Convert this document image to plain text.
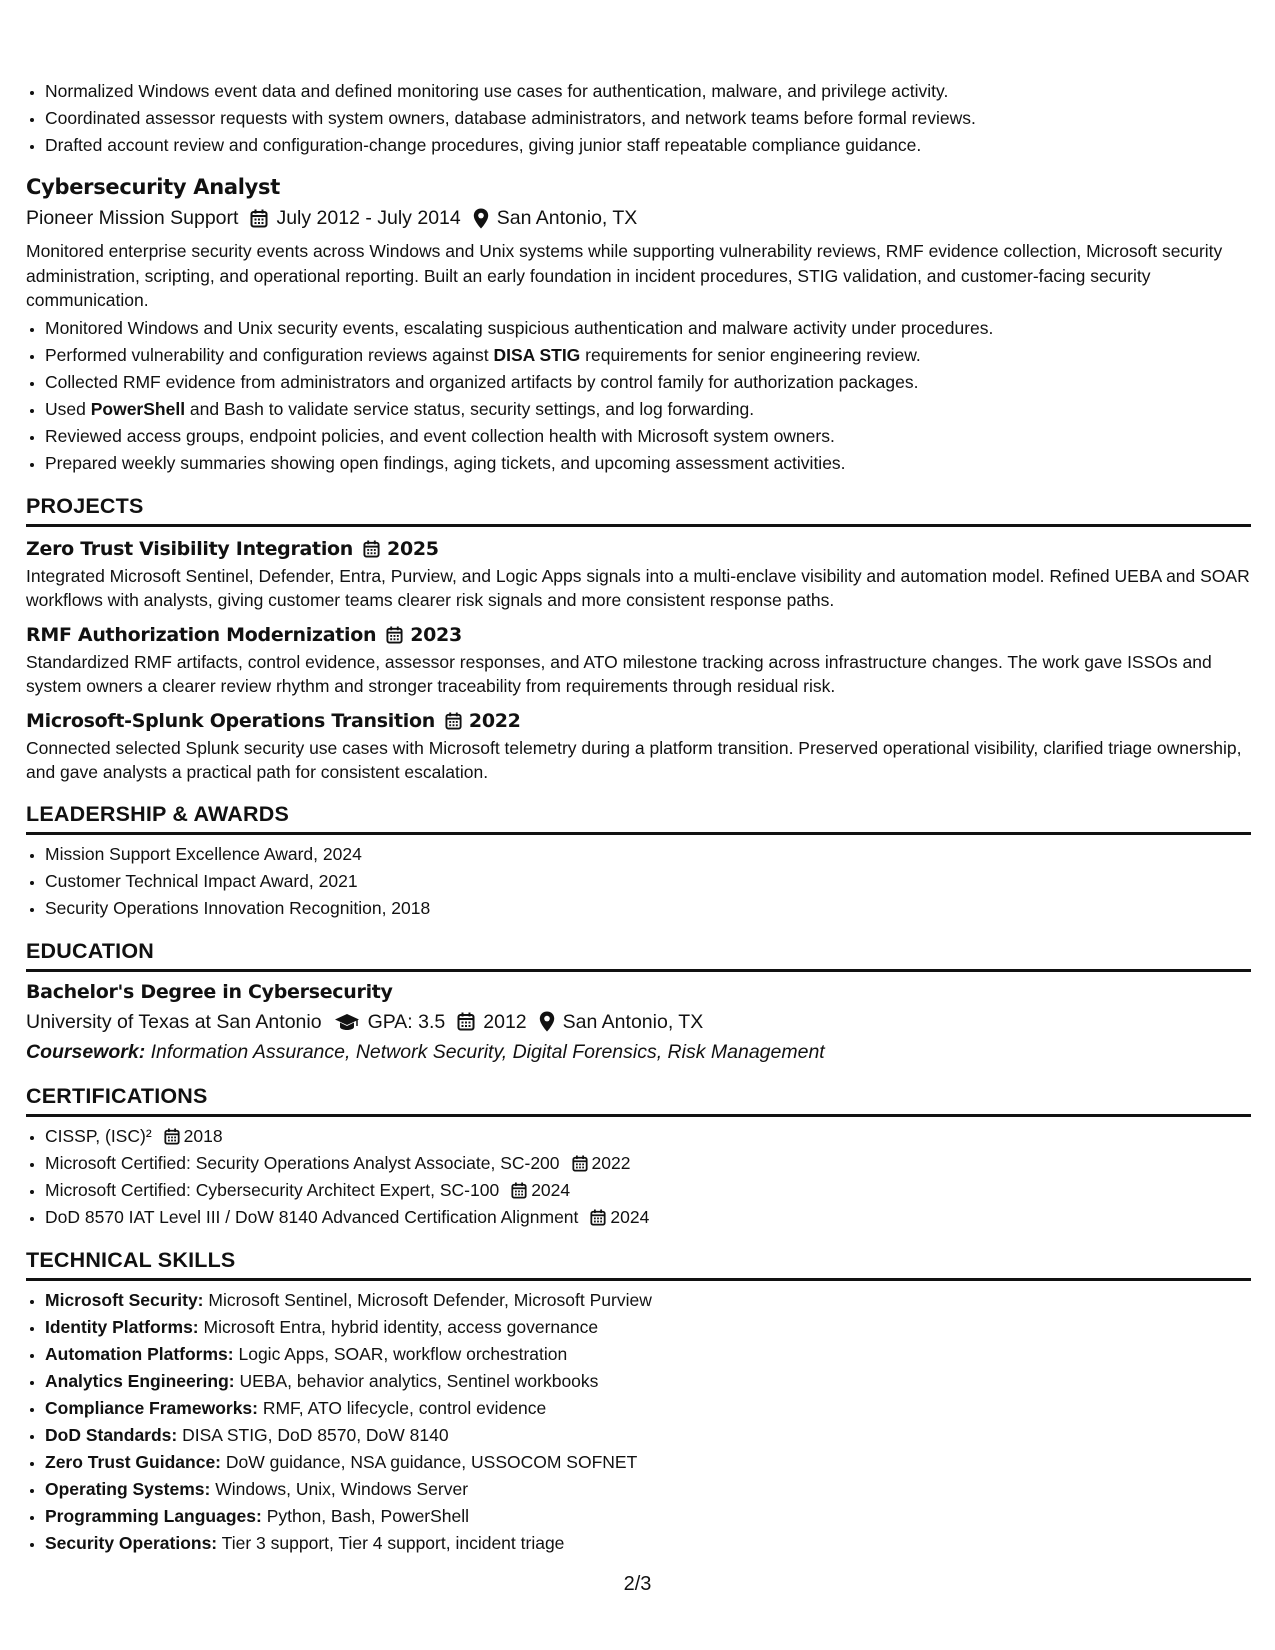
• Normalized Windows event data and defined monitoring use cases for authentication, malware, and privilege activity.
• Coordinated assessor requests with system owners, database administrators, and network teams before formal reviews.
• Drafted account review and configuration-change procedures, giving junior staff repeatable compliance guidance.
Cybersecurity Analyst
Pioneer Mission Support July 2012 - July 2014 San Antonio, TX
Monitored enterprise security events across Windows and Unix systems while supporting vulnerability reviews, RMF evidence collection, Microsoft security administration, scripting, and operational reporting. Built an early foundation in incident procedures, STIG validation, and customer-facing security communication.
• Monitored Windows and Unix security events, escalating suspicious authentication and malware activity under procedures.
• Performed vulnerability and configuration reviews against DISA STIG requirements for senior engineering review.
• Collected RMF evidence from administrators and organized artifacts by control family for authorization packages.
• Used PowerShell and Bash to validate service status, security settings, and log forwarding.
• Reviewed access groups, endpoint policies, and event collection health with Microsoft system owners.
• Prepared weekly summaries showing open findings, aging tickets, and upcoming assessment activities.
PROJECTS
Zero Trust Visibility Integration 2025
Integrated Microsoft Sentinel, Defender, Entra, Purview, and Logic Apps signals into a multi-enclave visibility and automation model. Refined UEBA and SOAR workflows with analysts, giving customer teams clearer risk signals and more consistent response paths.
RMF Authorization Modernization 2023
Standardized RMF artifacts, control evidence, assessor responses, and ATO milestone tracking across infrastructure changes. The work gave ISSOs and system owners a clearer review rhythm and stronger traceability from requirements through residual risk.
Microsoft-Splunk Operations Transition 2022
Connected selected Splunk security use cases with Microsoft telemetry during a platform transition. Preserved operational visibility, clarified triage ownership, and gave analysts a practical path for consistent escalation.
LEADERSHIP & AWARDS
• Mission Support Excellence Award, 2024
• Customer Technical Impact Award, 2021
• Security Operations Innovation Recognition, 2018
EDUCATION
Bachelor's Degree in Cybersecurity
University of Texas at San Antonio GPA: 3.5 2012 San Antonio, TX
Coursework: Information Assurance, Network Security, Digital Forensics, Risk Management
CERTIFICATIONS
• CISSP, (ISC)² 2018
• Microsoft Certified: Security Operations Analyst Associate, SC-200 2022
• Microsoft Certified: Cybersecurity Architect Expert, SC-100 2024
• DoD 8570 IAT Level III / DoW 8140 Advanced Certification Alignment 2024
TECHNICAL SKILLS
• Microsoft Security: Microsoft Sentinel, Microsoft Defender, Microsoft Purview
• Identity Platforms: Microsoft Entra, hybrid identity, access governance
• Automation Platforms: Logic Apps, SOAR, workflow orchestration
• Analytics Engineering: UEBA, behavior analytics, Sentinel workbooks
• Compliance Frameworks: RMF, ATO lifecycle, control evidence
• DoD Standards: DISA STIG, DoD 8570, DoW 8140
• Zero Trust Guidance: DoW guidance, NSA guidance, USSOCOM SOFNET
• Operating Systems: Windows, Unix, Windows Server
• Programming Languages: Python, Bash, PowerShell
• Security Operations: Tier 3 support, Tier 4 support, incident triage
2/3
